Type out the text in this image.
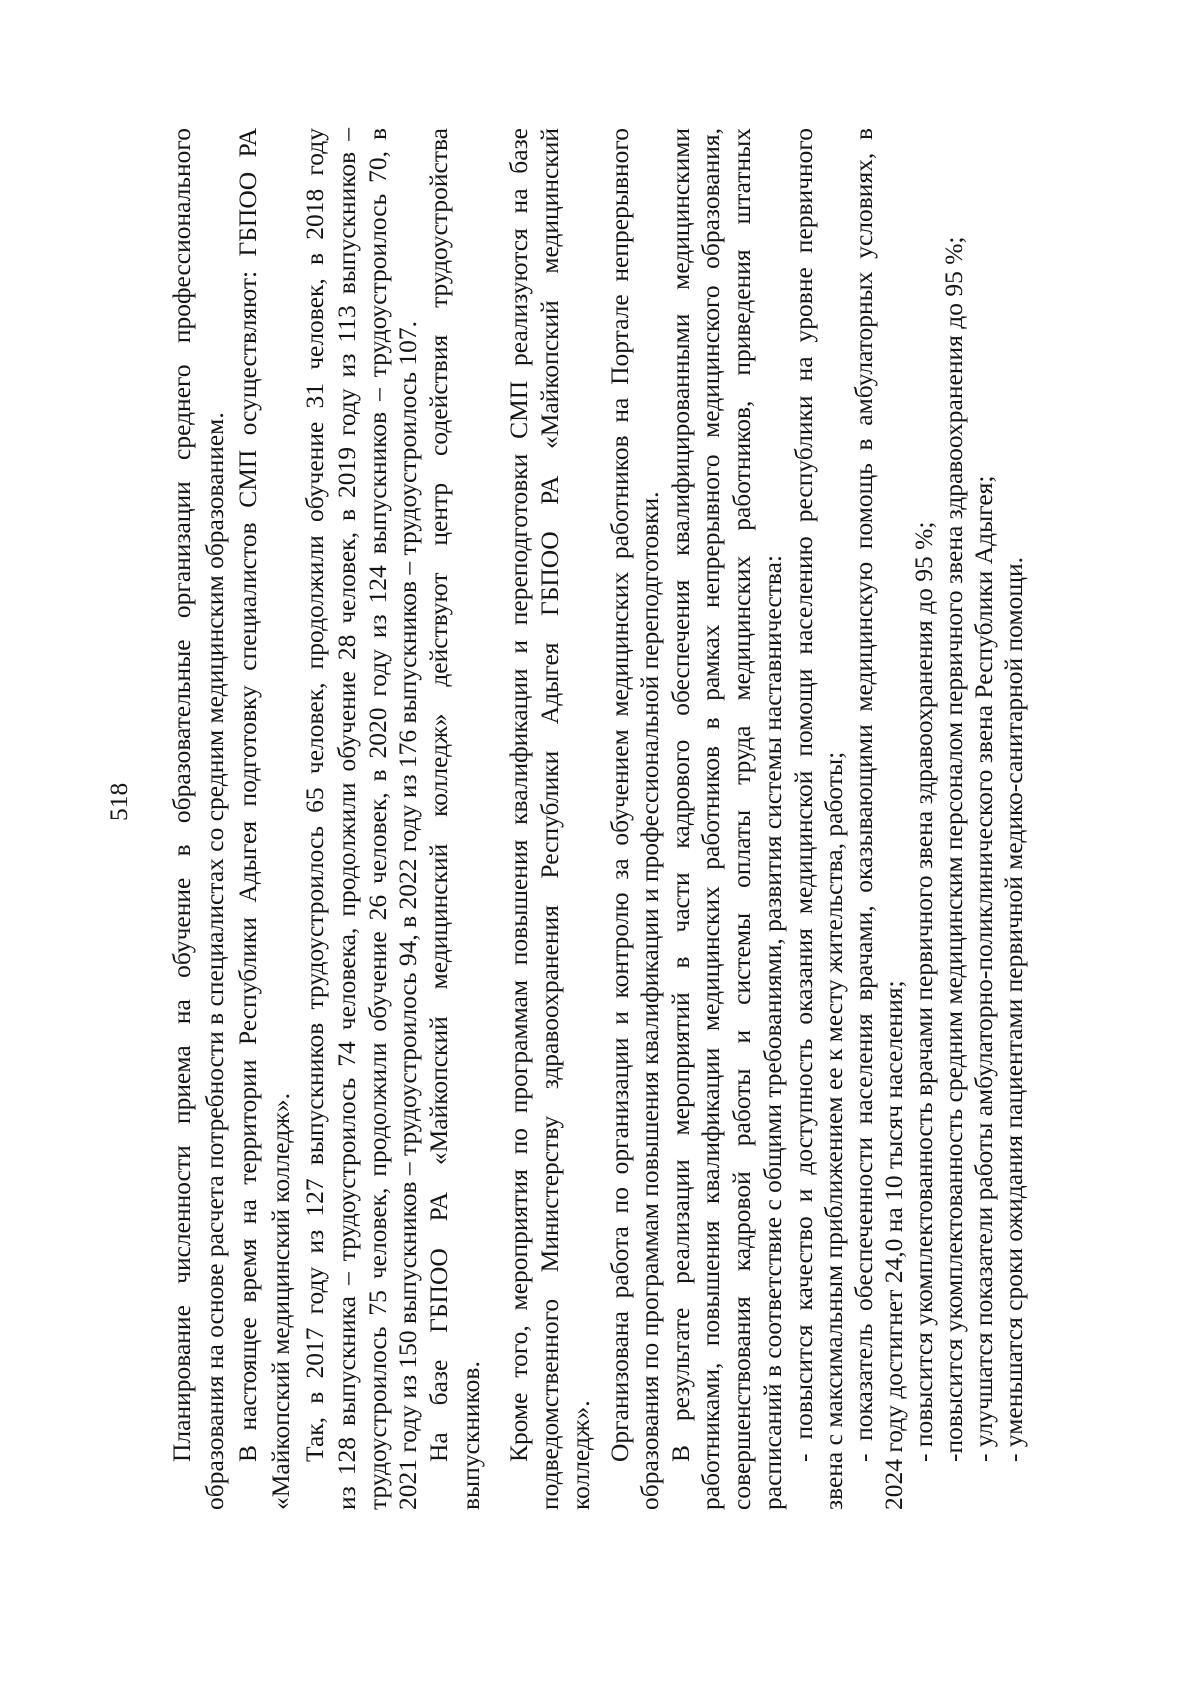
518 Планирование численности приема на обучение в образовательные организации среднего профессионального образования на основе расчета потребности в специалистах со средним медицинским образованием. В настоящее время на территории Республики Адыгея подготовку специалистов СМП осуществляют: ГБПОО РА «Майкопский медицинский колледж». Так, в 2017 году из 127 выпускников трудоустроилось 65 человек, продолжили обучение 31 человек, в 2018 году из 128 выпускника – трудоустроилось 74 человека, продолжили обучение 28 человек, в 2019 году из 113 выпускников – трудоустроилось 75 человек, продолжили обучение 26 человек, в 2020 году из 124 выпускников – трудоустроилось 70, в 2021 году из 150 выпускников – трудоустроилось 94, в 2022 году из 176 выпускников – трудоустроилось 107. На базе ГБПОО РА «Майкопский медицинский колледж» действуют центр содействия трудоустройства выпускников. Кроме того, мероприятия по программам повышения квалификации и переподготовки СМП реализуются на базе подведомственного Министерству здравоохранения Республики Адыгея ГБПОО РА «Майкопский медицинский колледж». Организована работа по организации и контролю за обучением медицинских работников на Портале непрерывного образования по программам повышения квалификации и профессиональной переподготовки. В результате реализации мероприятий в части кадрового обеспечения квалифицированными медицинскими работниками, повышения квалификации медицинских работников в рамках непрерывного медицинского образования, совершенствования кадровой работы и системы оплаты труда медицинских работников, приведения штатных расписаний в соответствие с общими требованиями, развития системы наставничества: - повысится качество и доступность оказания медицинской помощи населению республики на уровне первичного звена с максимальным приближением ее к месту жительства, работы; - показатель обеспеченности населения врачами, оказывающими медицинскую помощь в амбулаторных условиях, в 2024 году достигнет 24,0 на 10 тысяч населения; - повысится укомплектованность врачами первичного звена здравоохранения до 95 %; -повысится укомплектованность средним медицинским персоналом первичного звена здравоохранения до 95 %; - улучшатся показатели работы амбулаторно-поликлинического звена Республики Адыгея; - уменьшатся сроки ожидания пациентами первичной медико-санитарной помощи.
